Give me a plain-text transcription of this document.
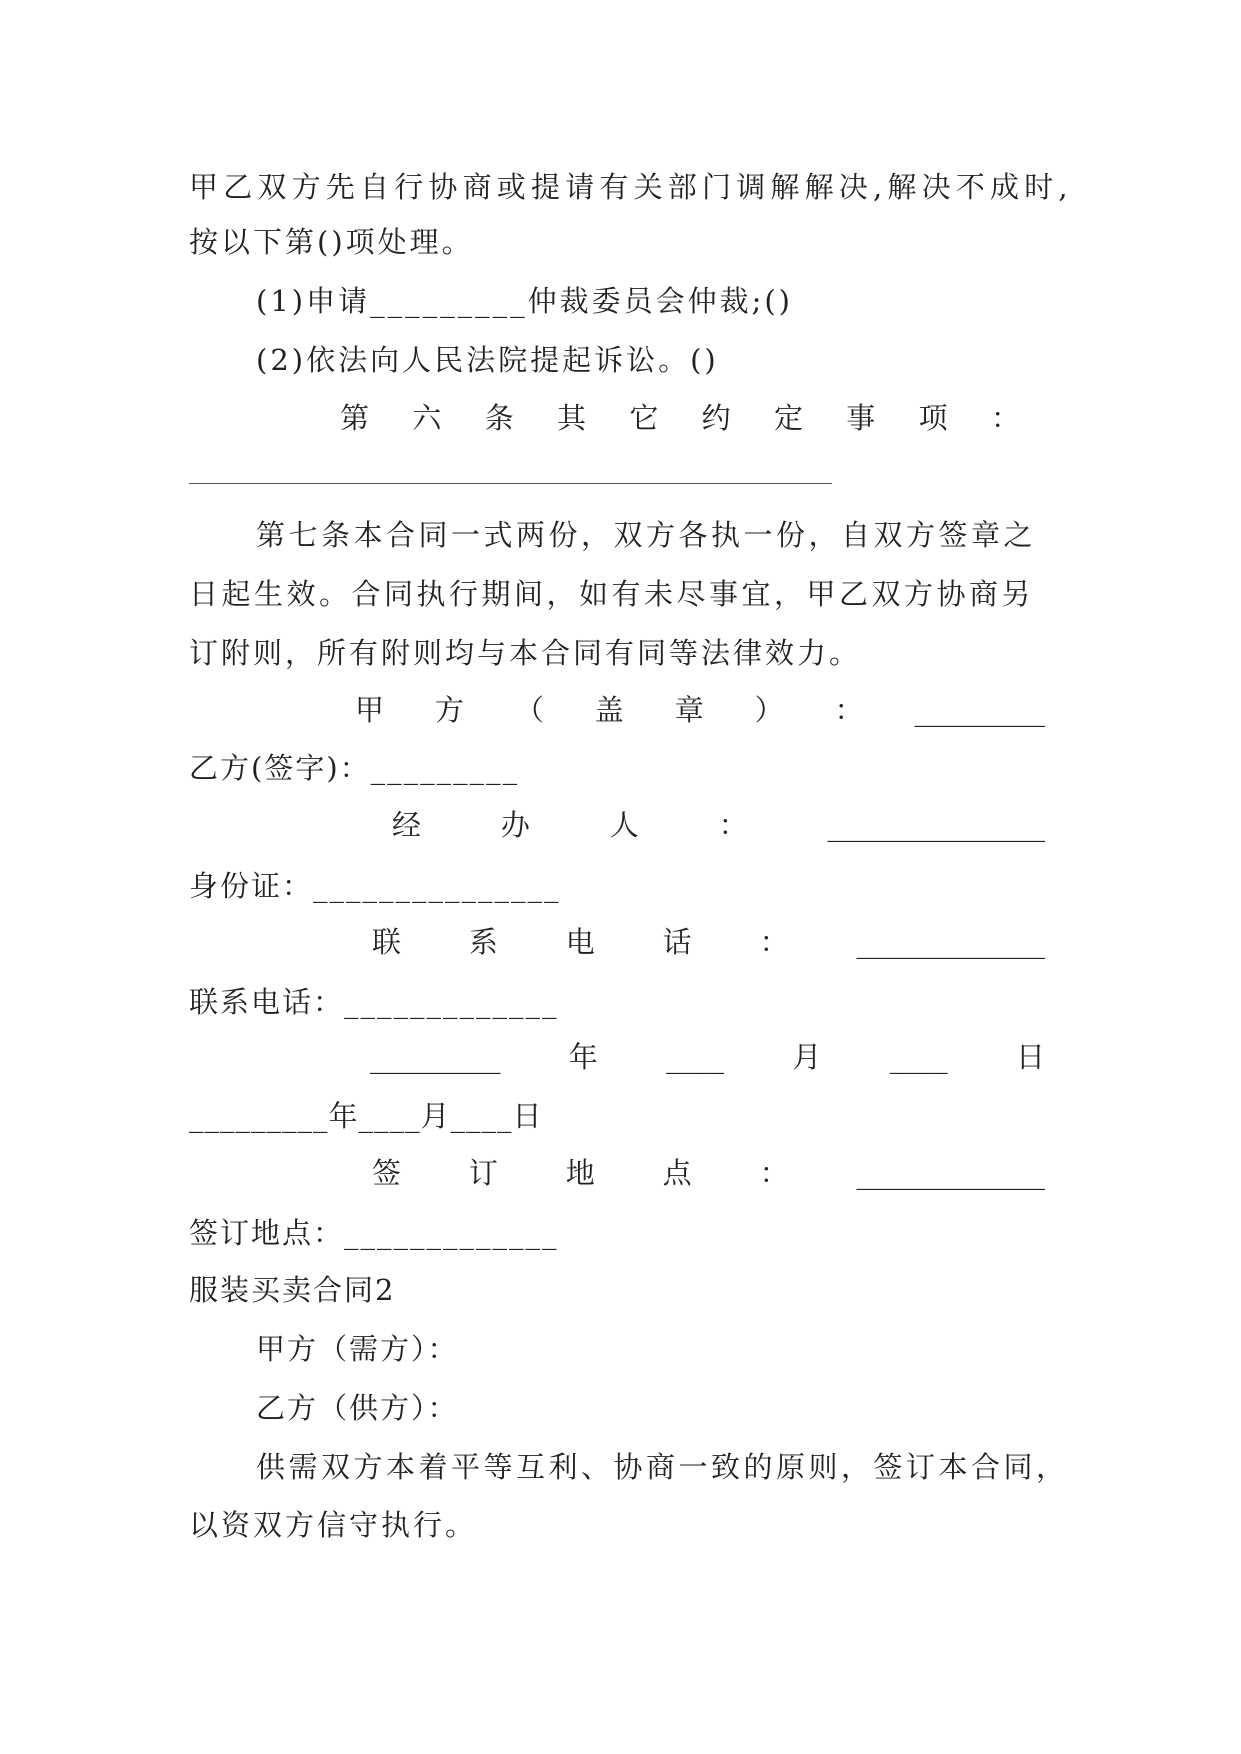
甲乙双方先自行协商或提请有关部门调解解决,解决不成时,
按以下第()项处理。
(1)申请_________仲裁委员会仲裁;()
(2)依法向人民法院提起诉讼。()
第 六 条 其 它 约 定 事 项 ：
第七条本合同一式两份，双方各执一份，自双方签章之
日起生效。合同执行期间，如有未尽事宜，甲乙双方协商另
订附则，所有附则均与本合同有同等法律效力。
甲 方 （ 盖 章 ） ： _________
乙方(签字)：_________
经	办	人	：	_______________
身份证：_______________
联 系 电 话 ： _____________
联系电话：_____________
_________ 年 ____ 月 ____ 日
_________年____月____日
签 订 地 点 ： _____________
签订地点：_____________
服装买卖合同2
甲方（需方）：
乙方（供方）：
供需双方本着平等互利、协商一致的原则，签订本合同，
以资双方信守执行。
